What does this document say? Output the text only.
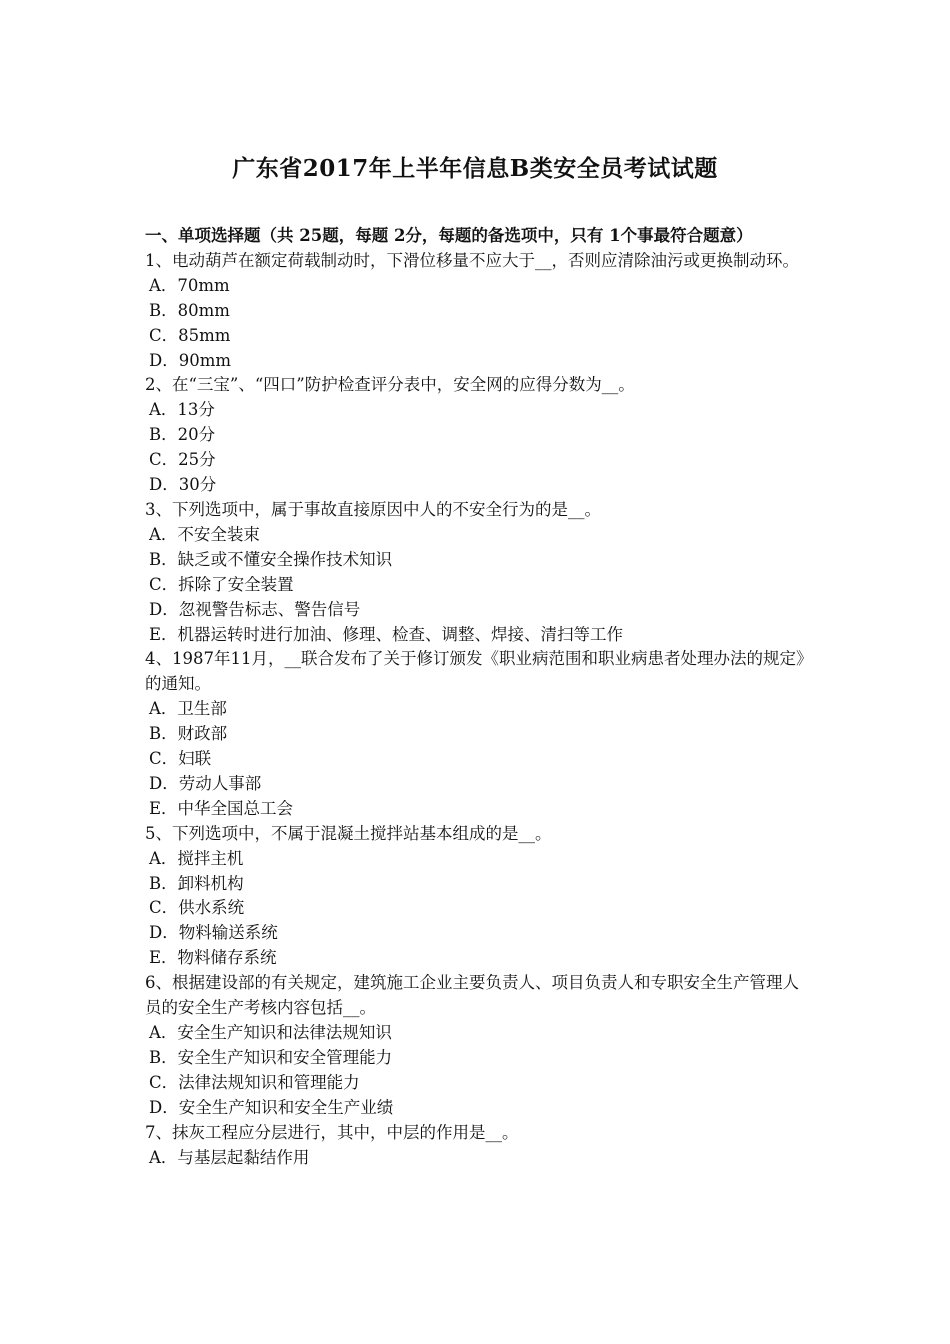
广东省2017年上半年信息B类安全员考试试题

一、单项选择题（共 25题，每题 2分，每题的备选项中，只有 1个事最符合题意）

1、电动葫芦在额定荷载制动时，下滑位移量不应大于__，否则应清除油污或更换制动环。

A．70mm

B．80mm

C．85mm

D．90mm

2、在“三宝”、“四口”防护检查评分表中，安全网的应得分数为__。

A．13分

B．20分

C．25分

D．30分

3、下列选项中，属于事故直接原因中人的不安全行为的是__。

A．不安全装束

B．缺乏或不懂安全操作技术知识

C．拆除了安全装置

D．忽视警告标志、警告信号

E．机器运转时进行加油、修理、检查、调整、焊接、清扫等工作

4、1987年11月，__联合发布了关于修订颁发《职业病范围和职业病患者处理办法的规定》的通知。

A．卫生部

B．财政部

C．妇联

D．劳动人事部

E．中华全国总工会

5、下列选项中，不属于混凝土搅拌站基本组成的是__。

A．搅拌主机

B．卸料机构

C．供水系统

D．物料输送系统

E．物料储存系统

6、根据建设部的有关规定，建筑施工企业主要负责人、项目负责人和专职安全生产管理人员的安全生产考核内容包括__。

A．安全生产知识和法律法规知识

B．安全生产知识和安全管理能力

C．法律法规知识和管理能力

D．安全生产知识和安全生产业绩

7、抹灰工程应分层进行，其中，中层的作用是__。

A．与基层起黏结作用
